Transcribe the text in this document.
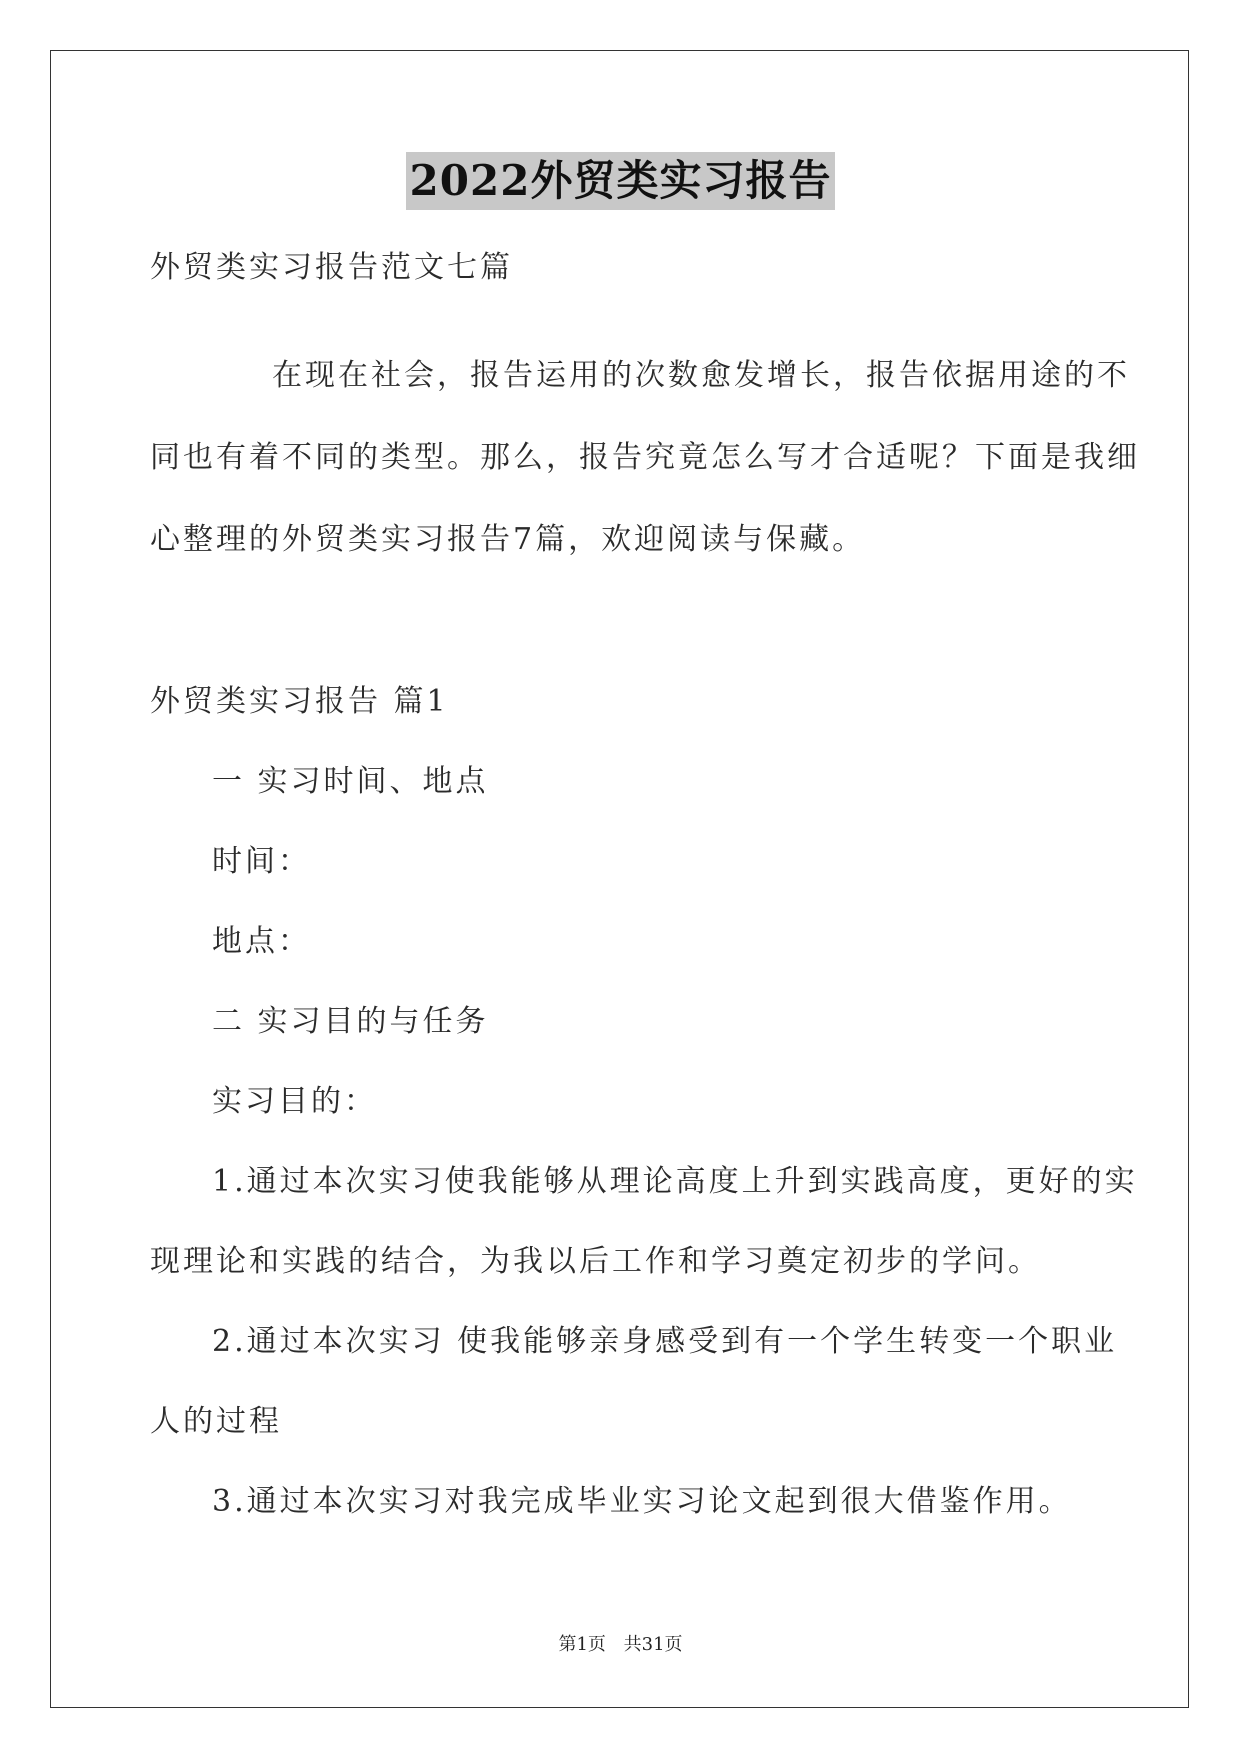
2022外贸类实习报告
外贸类实习报告范文七篇
在现在社会，报告运用的次数愈发增长，报告依据用途的不
同也有着不同的类型。那么，报告究竟怎么写才合适呢？下面是我细
心整理的外贸类实习报告7篇，欢迎阅读与保藏。
外贸类实习报告 篇1
一 实习时间、地点
时间：
地点：
二 实习目的与任务
实习目的：
1.通过本次实习使我能够从理论高度上升到实践高度，更好的实
现理论和实践的结合，为我以后工作和学习奠定初步的学问。
2.通过本次实习 使我能够亲身感受到有一个学生转变一个职业
人的过程
3.通过本次实习对我完成毕业实习论文起到很大借鉴作用。
第1页 共31页
